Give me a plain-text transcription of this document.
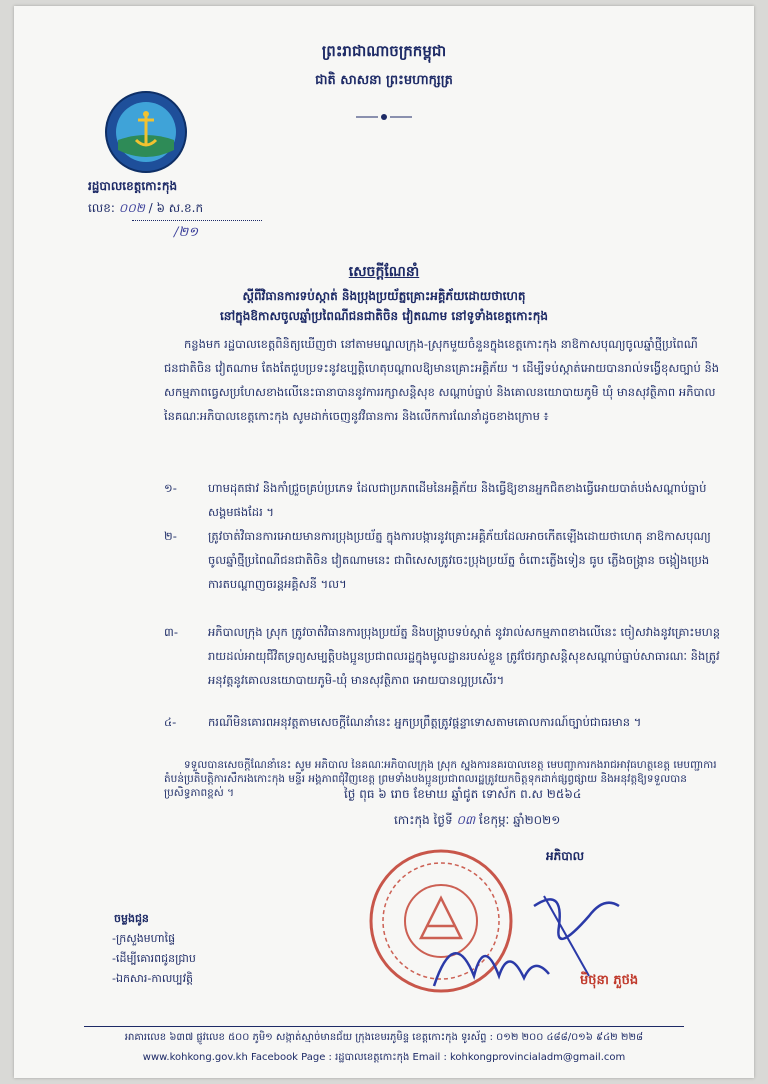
ព្រះរាជាណាចក្រកម្ពុជា
ជាតិ សាសនា ព្រះមហាក្សត្រ
រដ្ឋបាលខេត្តកោះកុង
លេខ: ០០២ / ៦ ស.ខ.ក
/២១
សេចក្តីណែនាំ
ស្តីពីវិធានការទប់ស្កាត់ និងប្រុងប្រយ័ត្នគ្រោះអគ្គិភ័យដោយថាហេតុ
នៅក្នុងឱកាសចូលឆ្នាំប្រពៃណីជនជាតិចិន វៀតណាម នៅទូទាំងខេត្តកោះកុង
កន្លងមក រដ្ឋបាលខេត្តពិនិត្យឃើញថា នៅតាមមណ្ឌលក្រុង-ស្រុកមួយចំនួនក្នុងខេត្តកោះកុង នាឱកាសបុណ្យចូលឆ្នាំថ្មីប្រពៃណីជនជាតិចិន វៀតណាម តែងតែជួបប្រទះនូវឧប្បត្តិហេតុបណ្តាលឱ្យមានគ្រោះអគ្គិភ័យ ។ ដើម្បីទប់ស្កាត់អោយបានរាល់ទង្វើខុសច្បាប់ និងសកម្មភាពធ្វេសប្រហែសខាងលើនេះធានាបាននូវការរក្សាសន្តិសុខ សណ្តាប់ធ្នាប់ និងគោលនយោបាយភូមិ ឃុំ មានសុវត្ថិភាព អភិបាល នៃគណៈអភិបាលខេត្តកោះកុង សូមដាក់ចេញនូវវិធានការ និងលើកការណែនាំដូចខាងក្រោម ៖
១-	ហាមដុតផាវ និងកាំជ្រួចគ្រប់ប្រភេទ ដែលជាប្រភពដើមនៃអគ្គិភ័យ និងធ្វើឱ្យខានអ្នកជិតខាងធ្វើអោយបាត់បង់សណ្តាប់ធ្នាប់សង្គមផងដែរ ។
២-	ត្រូវចាត់វិធានការអោយមានការប្រុងប្រយ័ត្ន ក្នុងការបង្ការនូវគ្រោះអគ្គិភ័យដែលអាចកើតឡើងដោយថាហេតុ នាឱកាសបុណ្យចូលឆ្នាំថ្មីប្រពៃណីជនជាតិចិន វៀតណាមនេះ ជាពិសេសត្រូវចេះប្រុងប្រយ័ត្ន ចំពោះភ្លើងទៀន ធូប ភ្លើងចង្ក្រាន ចង្កៀងប្រេង ការតបណ្តាញចរន្តអគ្គិសនី ។ល។
៣-	អភិបាលក្រុង ស្រុក ត្រូវចាត់វិធានការប្រុងប្រយ័ត្ន និងបង្ក្រាបទប់ស្កាត់ នូវរាល់សកម្មភាពខាងលើនេះ ចៀសវាងនូវគ្រោះមហន្តរាយដល់អាយុជីវិតទ្រព្យសម្បត្តិបងប្អូនប្រជាពលរដ្ឋក្នុងមូលដ្ឋានរបស់ខ្លួន ត្រូវថែរក្សាសន្តិសុខសណ្តាប់ធ្នាប់សាធារណៈ និងត្រូវអនុវត្តនូវគោលនយោបាយភូមិ-ឃុំ មានសុវត្ថិភាព អោយបានល្អប្រសើរ។
៤-	ករណីមិនគោរពអនុវត្តតាមសេចក្តីណែនាំនេះ អ្នកប្រព្រឹត្តត្រូវផ្តន្ទាទោសតាមគោលការណ៍ច្បាប់ជាធរមាន ។
ទទួលបានសេចក្តីណែនាំនេះ សូម អភិបាល នៃគណៈអភិបាលក្រុង ស្រុក ស្នងការនគរបាលខេត្ត មេបញ្ជាការកងរាជអាវុធហត្ថខេត្ត មេបញ្ជាការតំបន់ប្រតិបត្តិការសឹករងកោះកុង មន្ទីរ អង្គភាពជុំវិញខេត្ត ព្រមទាំងបងប្អូនប្រជាពលរដ្ឋត្រូវយកចិត្តទុកដាក់ផ្សព្វផ្សាយ និងអនុវត្តឱ្យទទួលបានប្រសិទ្ធភាពខ្ពស់ ។	ថ្ងៃ ពុធ ៦ រោច ខែមាឃ ឆ្នាំជូត ទោស័ក ព.ស ២៥៦៤
កោះកុង ថ្ងៃទី ០៣ ខែកុម្ភៈ ឆ្នាំ២០២១
អភិបាល
មិថុនា ភួថង
ចម្លងជូន
-ក្រសួងមហាផ្ទៃ
-ដើម្បីគោរពជូនជ្រាប
-ឯកសារ-កាលប្បវត្តិ
អាគារលេខ ៦៣៧ ផ្លូវលេខ ៥០០ ភូមិ១ សង្កាត់ស្មាច់មានជ័យ ក្រុងខេមរភូមិន្ទ ខេត្តកោះកុង ទូរស័ព្ទ : ០១២ ២០០ ៤៨៨/០១៦ ៩៤២ ២២៨
www.kohkong.gov.kh Facebook Page : រដ្ឋបាលខេត្តកោះកុង Email : kohkongprovincialadm@gmail.com
